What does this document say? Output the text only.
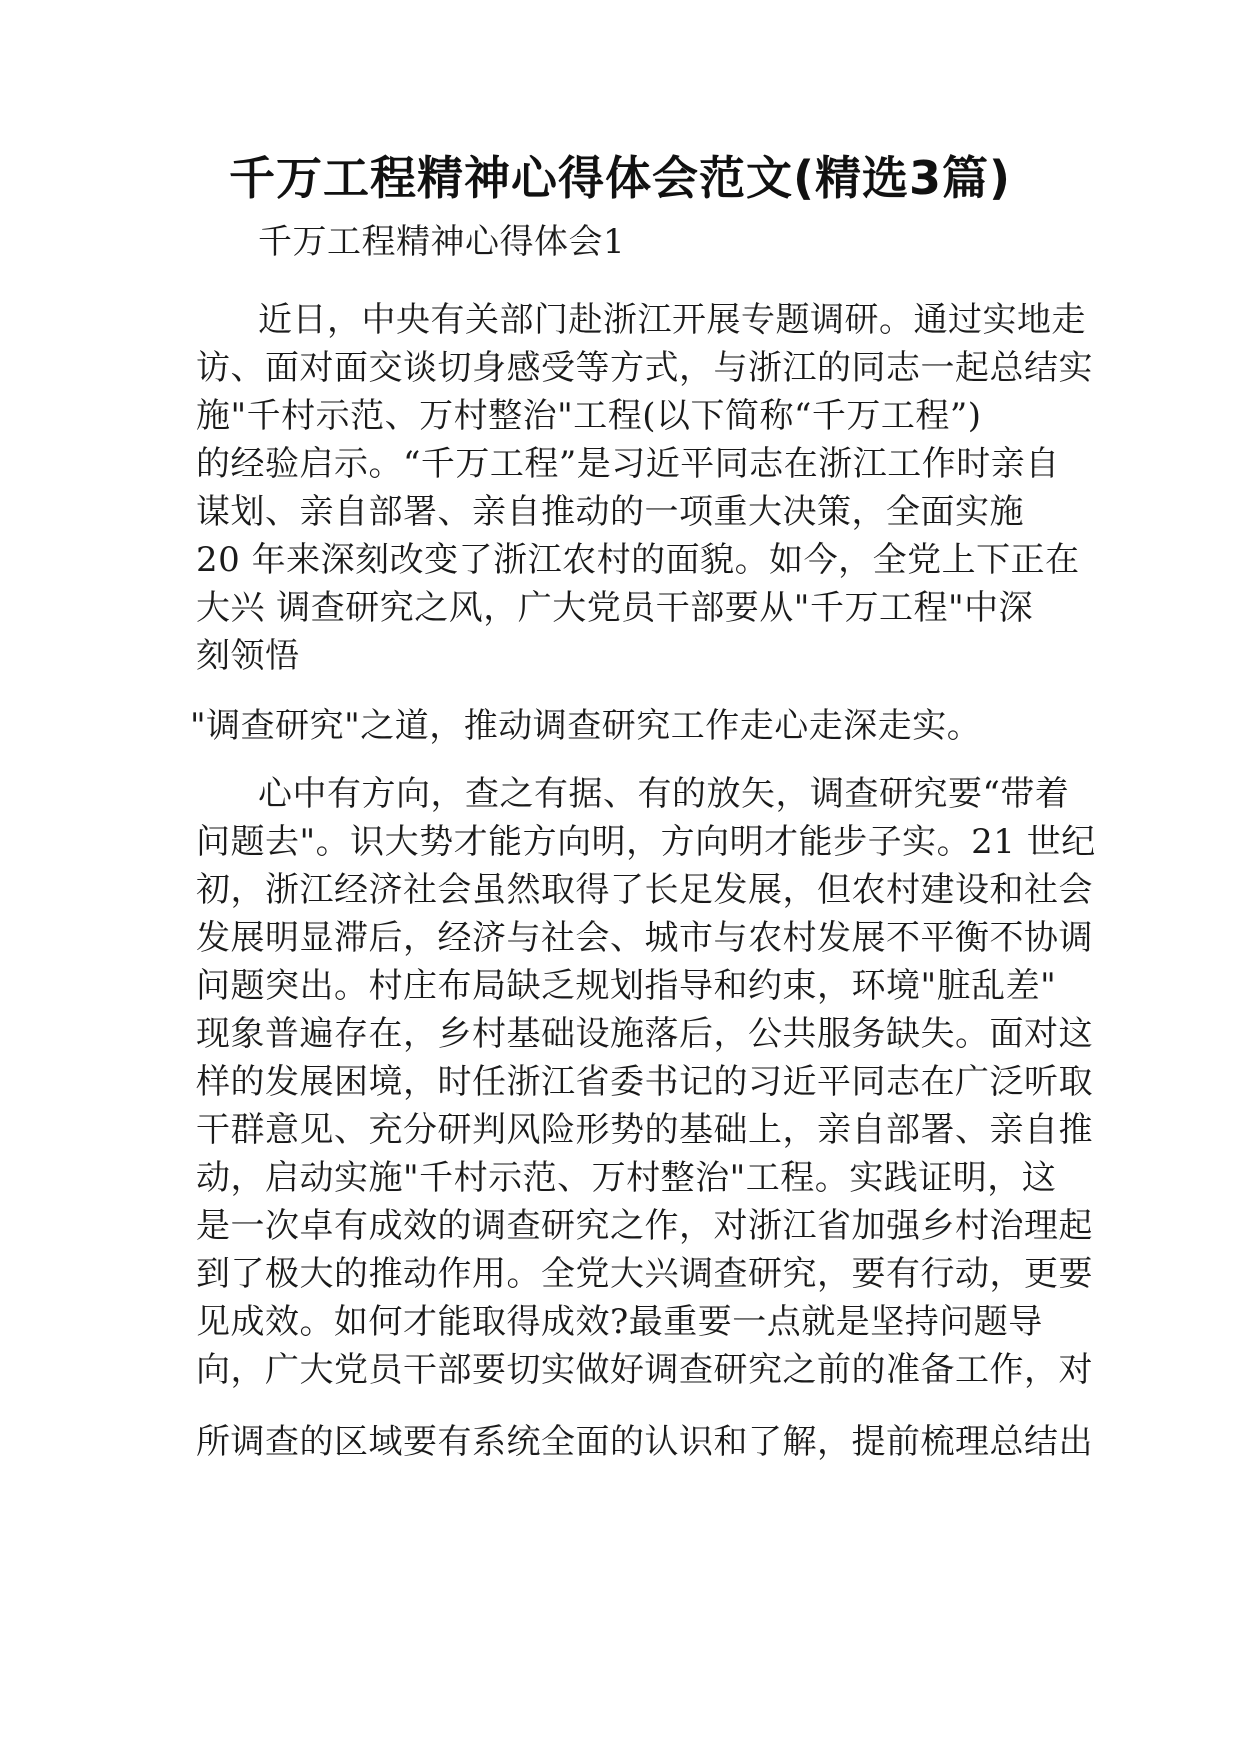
千万工程精神心得体会范文(精选3篇)

千万工程精神心得体会1

近日，中央有关部门赴浙江开展专题调研。通过实地走

访、面对面交谈切身感受等方式，与浙江的同志一起总结实

施"千村示范、万村整治"工程(以下简称“千万工程”)

的经验启示。“千万工程”是习近平同志在浙江工作时亲自

谋划、亲自部署、亲自推动的一项重大决策，全面实施

20 年来深刻改变了浙江农村的面貌。如今，全党上下正在

大兴 调查研究之风，广大党员干部要从"千万工程"中深

刻领悟

"调查研究"之道，推动调查研究工作走心走深走实。

心中有方向，查之有据、有的放矢，调查研究要“带着

问题去"。识大势才能方向明，方向明才能步子实。21 世纪

初，浙江经济社会虽然取得了长足发展，但农村建设和社会

发展明显滞后，经济与社会、城市与农村发展不平衡不协调

问题突出。村庄布局缺乏规划指导和约束，环境"脏乱差"

现象普遍存在，乡村基础设施落后，公共服务缺失。面对这

样的发展困境，时任浙江省委书记的习近平同志在广泛听取

干群意见、充分研判风险形势的基础上，亲自部署、亲自推

动，启动实施"千村示范、万村整治"工程。实践证明，这

是一次卓有成效的调查研究之作，对浙江省加强乡村治理起

到了极大的推动作用。全党大兴调查研究，要有行动，更要

见成效。如何才能取得成效?最重要一点就是坚持问题导

向，广大党员干部要切实做好调查研究之前的准备工作，对

所调查的区域要有系统全面的认识和了解，提前梳理总结出
